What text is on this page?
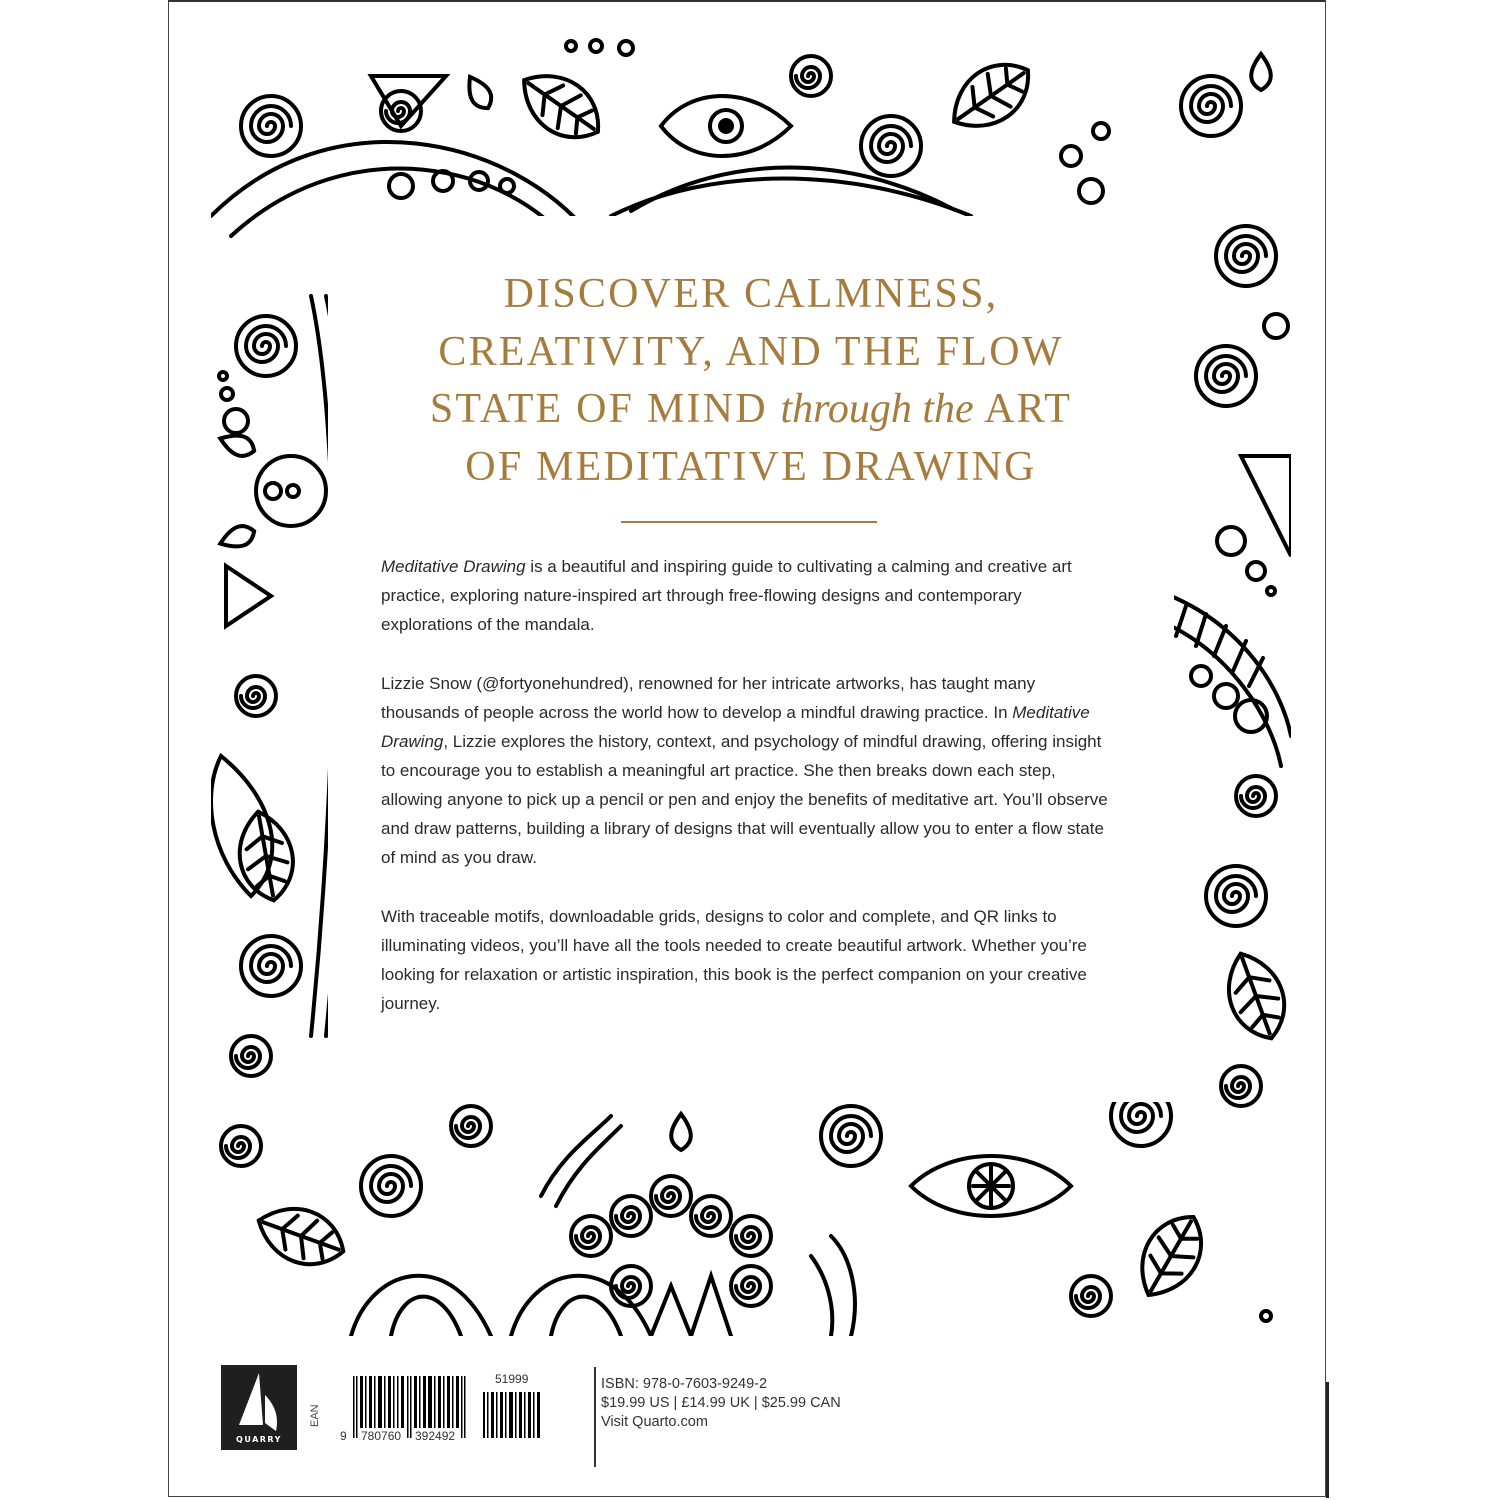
DISCOVER CALMNESS,
CREATIVITY, AND THE FLOW
STATE OF MIND through the ART
OF MEDITATIVE DRAWING

Meditative Drawing is a beautiful and inspiring guide to cultivating a calming and creative art practice, exploring nature-inspired art through free-flowing designs and contemporary explorations of the mandala.

Lizzie Snow (@fortyonehundred), renowned for her intricate artworks, has taught many thousands of people across the world how to develop a mindful drawing practice. In Meditative Drawing, Lizzie explores the history, context, and psychology of mindful drawing, offering insight to encourage you to establish a meaningful art practice. She then breaks down each step, allowing anyone to pick up a pencil or pen and enjoy the benefits of meditative art. You’ll observe and draw patterns, building a library of designs that will eventually allow you to enter a flow state of mind as you draw.

With traceable motifs, downloadable grids, designs to color and complete, and QR links to illuminating videos, you’ll have all the tools needed to create beautiful artwork. Whether you’re looking for relaxation or artistic inspiration, this book is the perfect companion on your creative journey.

QUARRY
EAN
9 780760 392492
51999	ISBN: 978-0-7603-9249-2
$19.99 US | £14.99 UK | $25.99 CAN
Visit Quarto.com
